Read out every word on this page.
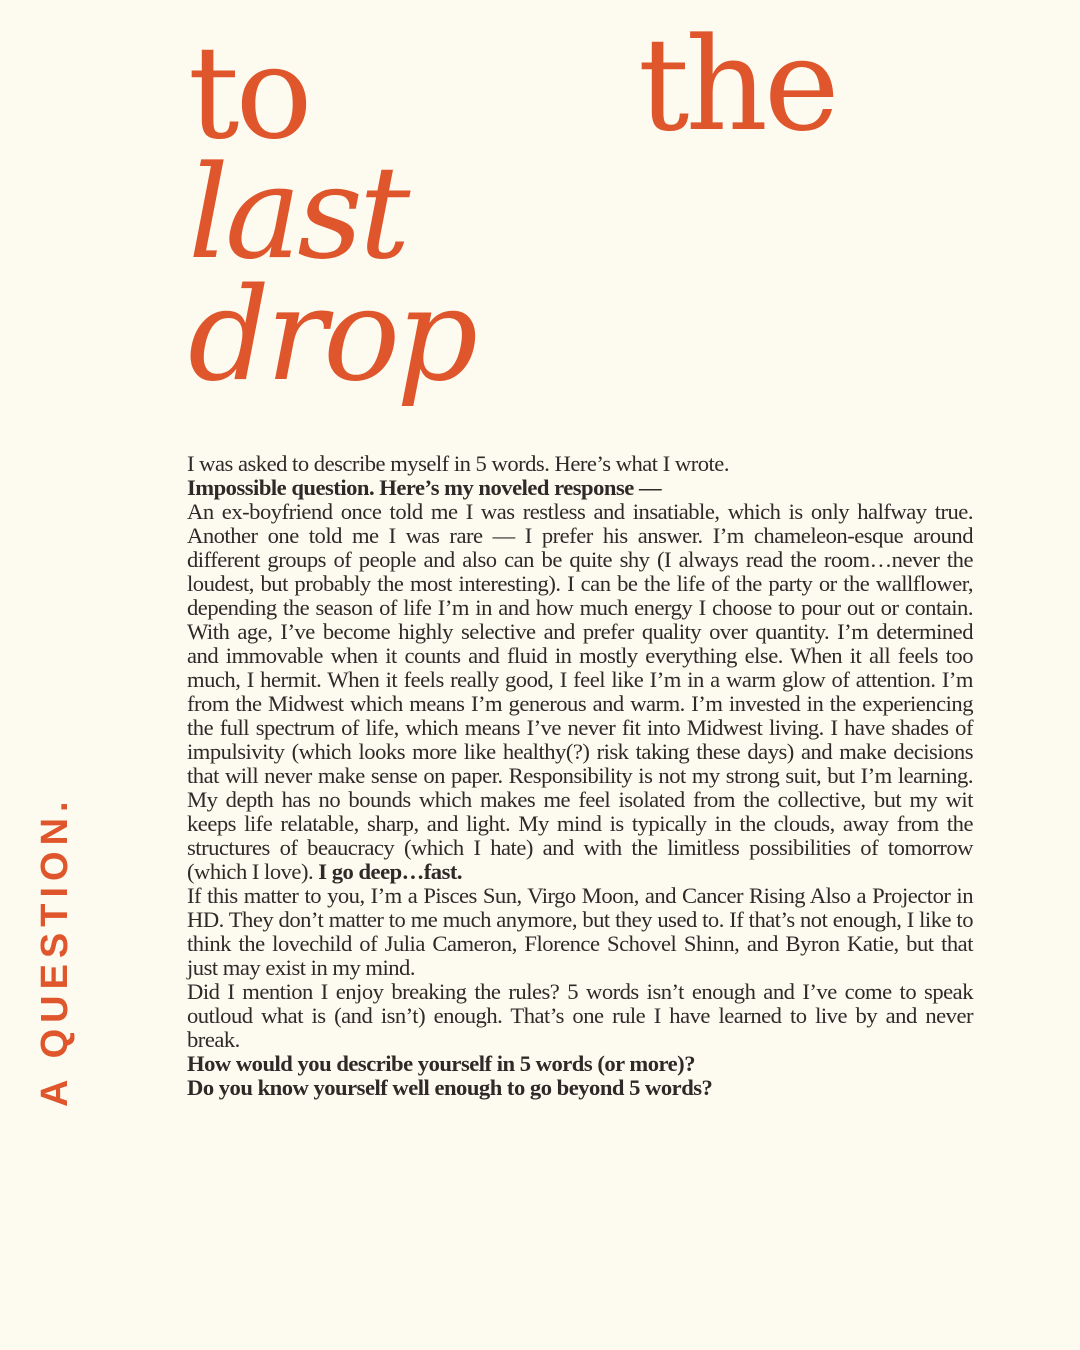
to	the
last
drop
A QUESTION.

I was asked to describe myself in 5 words. Here’s what I wrote.

Impossible question. Here’s my noveled response —

An ex-boyfriend once told me I was restless and insatiable, which is only halfway true. Another one told me I was rare — I prefer his answer. I’m chameleon-esque around different groups of people and also can be quite shy (I always read the room…never the loudest, but probably the most interesting). I can be the life of the party or the wallflower, depending the season of life I’m in and how much energy I choose to pour out or contain. With age, I’ve become highly selective and prefer quality over quantity. I’m determined and immovable when it counts and fluid in mostly everything else. When it all feels too much, I hermit. When it feels really good, I feel like I’m in a warm glow of attention. I’m from the Midwest which means I’m generous and warm. I’m invested in the experiencing the full spectrum of life, which means I’ve never fit into Midwest living. I have shades of impulsivity (which looks more like healthy(?) risk taking these days) and make decisions that will never make sense on paper. Responsibility is not my strong suit, but I’m learning. My depth has no bounds which makes me feel isolated from the collective, but my wit keeps life relatable, sharp, and light. My mind is typically in the clouds, away from the structures of beaucracy (which I hate) and with the limitless possibilities of tomorrow (which I love). I go deep…fast.

If this matter to you, I’m a Pisces Sun, Virgo Moon, and Cancer Rising Also a Projector in HD. They don’t matter to me much anymore, but they used to. If that’s not enough, I like to think the lovechild of Julia Cameron, Florence Schovel Shinn, and Byron Katie, but that just may exist in my mind.

Did I mention I enjoy breaking the rules? 5 words isn’t enough and I’ve come to speak outloud what is (and isn’t) enough. That’s one rule I have learned to live by and never break.

How would you describe yourself in 5 words (or more)?

Do you know yourself well enough to go beyond 5 words?
